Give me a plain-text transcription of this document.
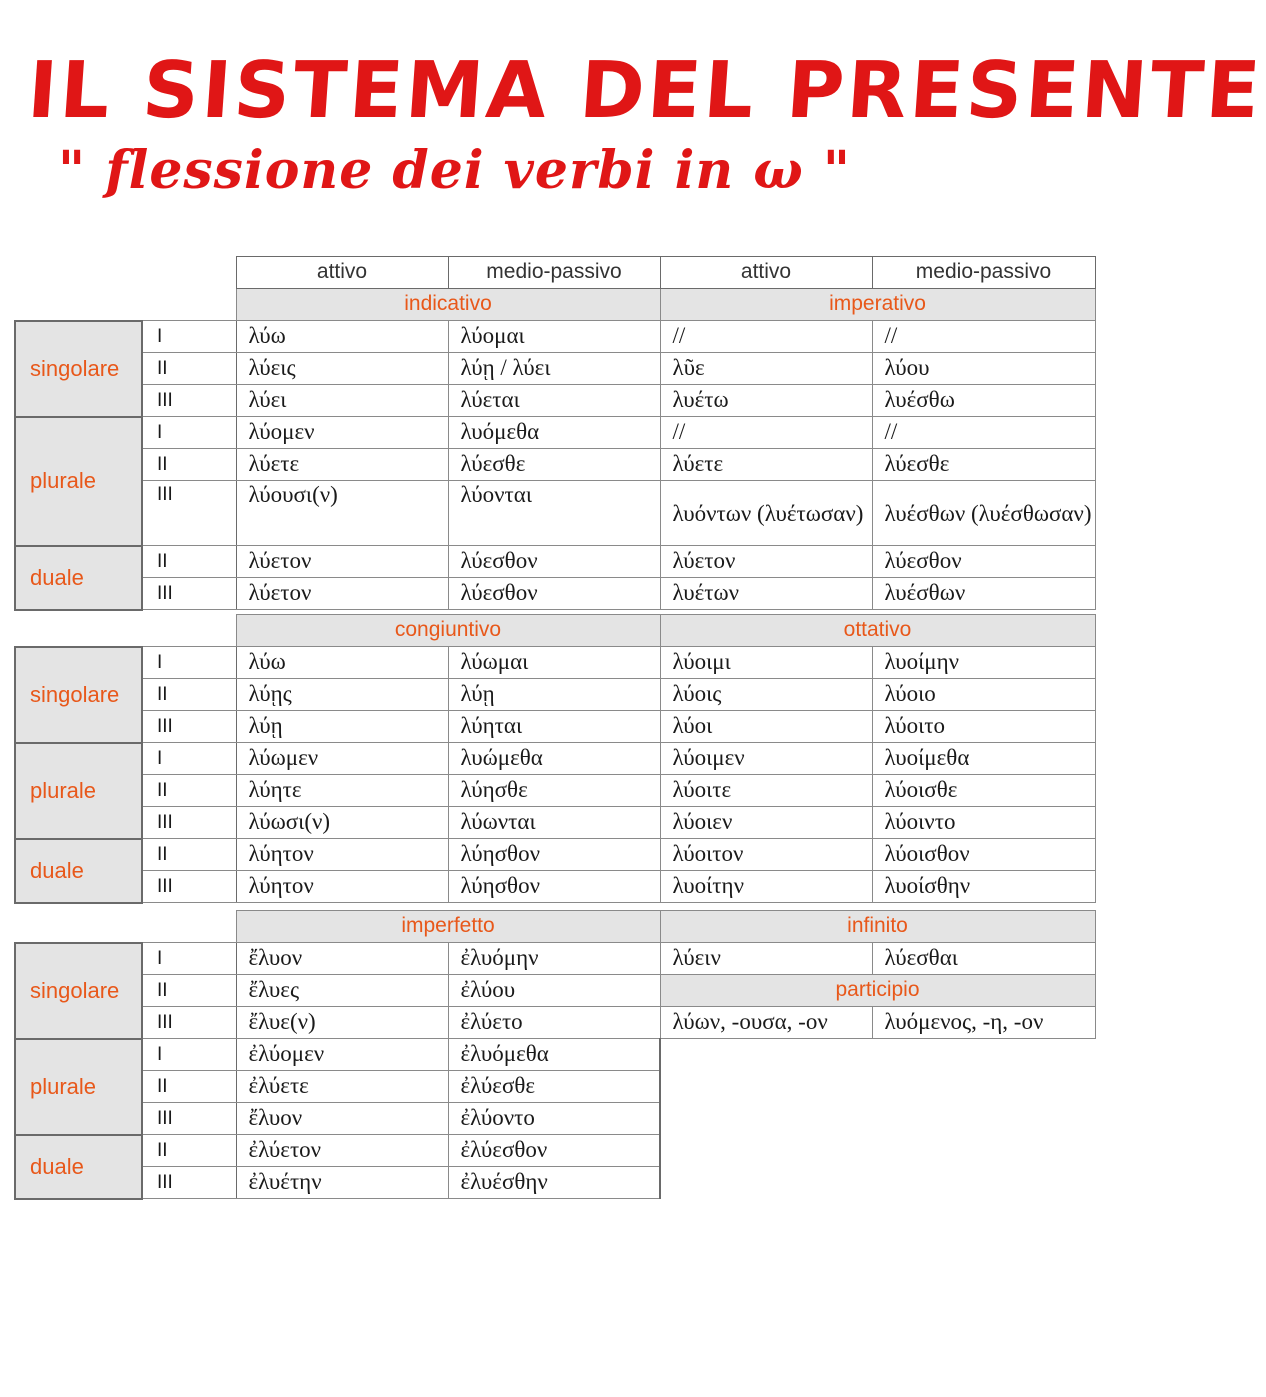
IL SISTEMA DEL PRESENTE
" flessione dei verbi in ω "
		attivo	medio-passivo	attivo	medio-passivo
		indicativo		imperativo	
singolare	I	λύω	λύομαι	//	//
	II	λύεις	λύῃ / λύει	λῦε	λύου
	III	λύει	λύεται	λυέτω	λυέσθω
plurale	I	λύομεν	λυόμεθα	//	//
	II	λύετε	λύεσθε	λύετε	λύεσθε
	III	λύουσι(ν)	λύονται	λυόντων (λυέτωσαν)	λυέσθων (λυέσθωσαν)
duale	II	λύετον	λύεσθον	λύετον	λύεσθον
	III	λύετον	λύεσθον	λυέτων	λυέσθων
		congiuntivo		ottativo	
singolare	I	λύω	λύωμαι	λύοιμι	λυοίμην
	II	λύῃς	λύῃ	λύοις	λύοιο
	III	λύῃ	λύηται	λύοι	λύοιτο
plurale	I	λύωμεν	λυώμεθα	λύοιμεν	λυοίμεθα
	II	λύητε	λύησθε	λύοιτε	λύοισθε
	III	λύωσι(ν)	λύωνται	λύοιεν	λύοιντο
duale	II	λύητον	λύησθον	λύοιτον	λύοισθον
	III	λύητον	λύησθον	λυοίτην	λυοίσθην
		imperfetto		infinito	
singolare	I	ἔλυον	ἐλυόμην	λύειν	λύεσθαι
	II	ἔλυες	ἐλύου	participio	
	III	ἔλυε(ν)	ἐλύετο	λύων, -ουσα, -ον	λυόμενος, -η, -ον
plurale	I	ἐλύομεν	ἐλυόμεθα		
	II	ἐλύετε	ἐλύεσθε		
	III	ἔλυον	ἐλύοντο		
duale	II	ἐλύετον	ἐλύεσθον		
	III	ἐλυέτην	ἐλυέσθην		
